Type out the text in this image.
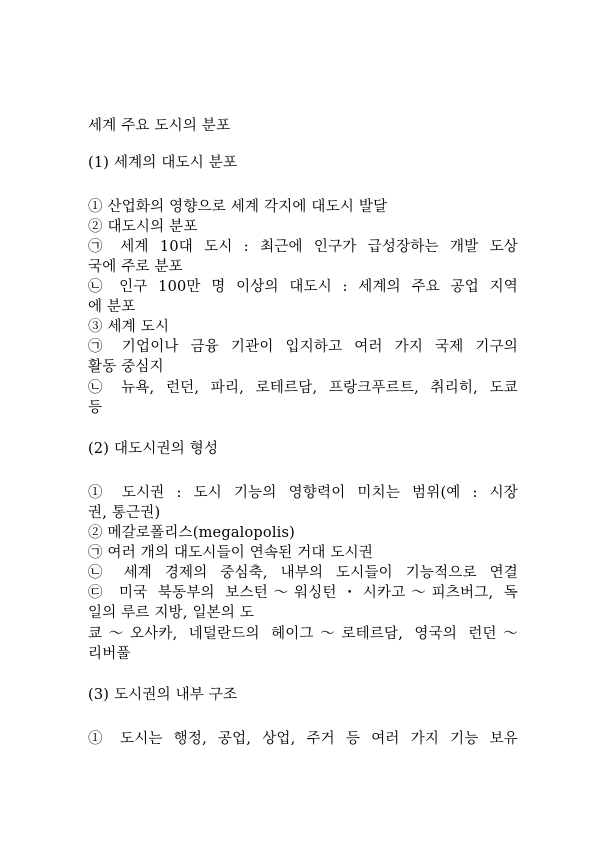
세계 주요 도시의 분포
(1) 세계의 대도시 분포
① 산업화의 영향으로 세계 각지에 대도시 발달
② 대도시의 분포
㉠ 세계 10대 도시 : 최근에 인구가 급성장하는 개발 도상
국에 주로 분포
㉡ 인구 100만 명 이상의 대도시 : 세계의 주요 공업 지역
에 분포
③ 세계 도시
㉠ 기업이나 금융 기관이 입지하고 여러 가지 국제 기구의
활동 중심지
㉡ 뉴욕, 런던, 파리, 로테르담, 프랑크푸르트, 취리히, 도쿄
등
(2) 대도시권의 형성
① 도시권 : 도시 기능의 영향력이 미치는 범위(예 : 시장
권, 통근권)
② 메갈로폴리스(megalopolis)
㉠ 여러 개의 대도시들이 연속된 거대 도시권
㉡ 세계 경제의 중심축, 내부의 도시들이 기능적으로 연결
㉢ 미국 북동부의 보스턴～워싱턴・시카고～피츠버그, 독
일의 루르 지방, 일본의 도
쿄～오사카, 네덜란드의 헤이그～로테르담, 영국의 런던～
리버풀
(3) 도시권의 내부 구조
① 도시는 행정, 공업, 상업, 주거 등 여러 가지 기능 보유
